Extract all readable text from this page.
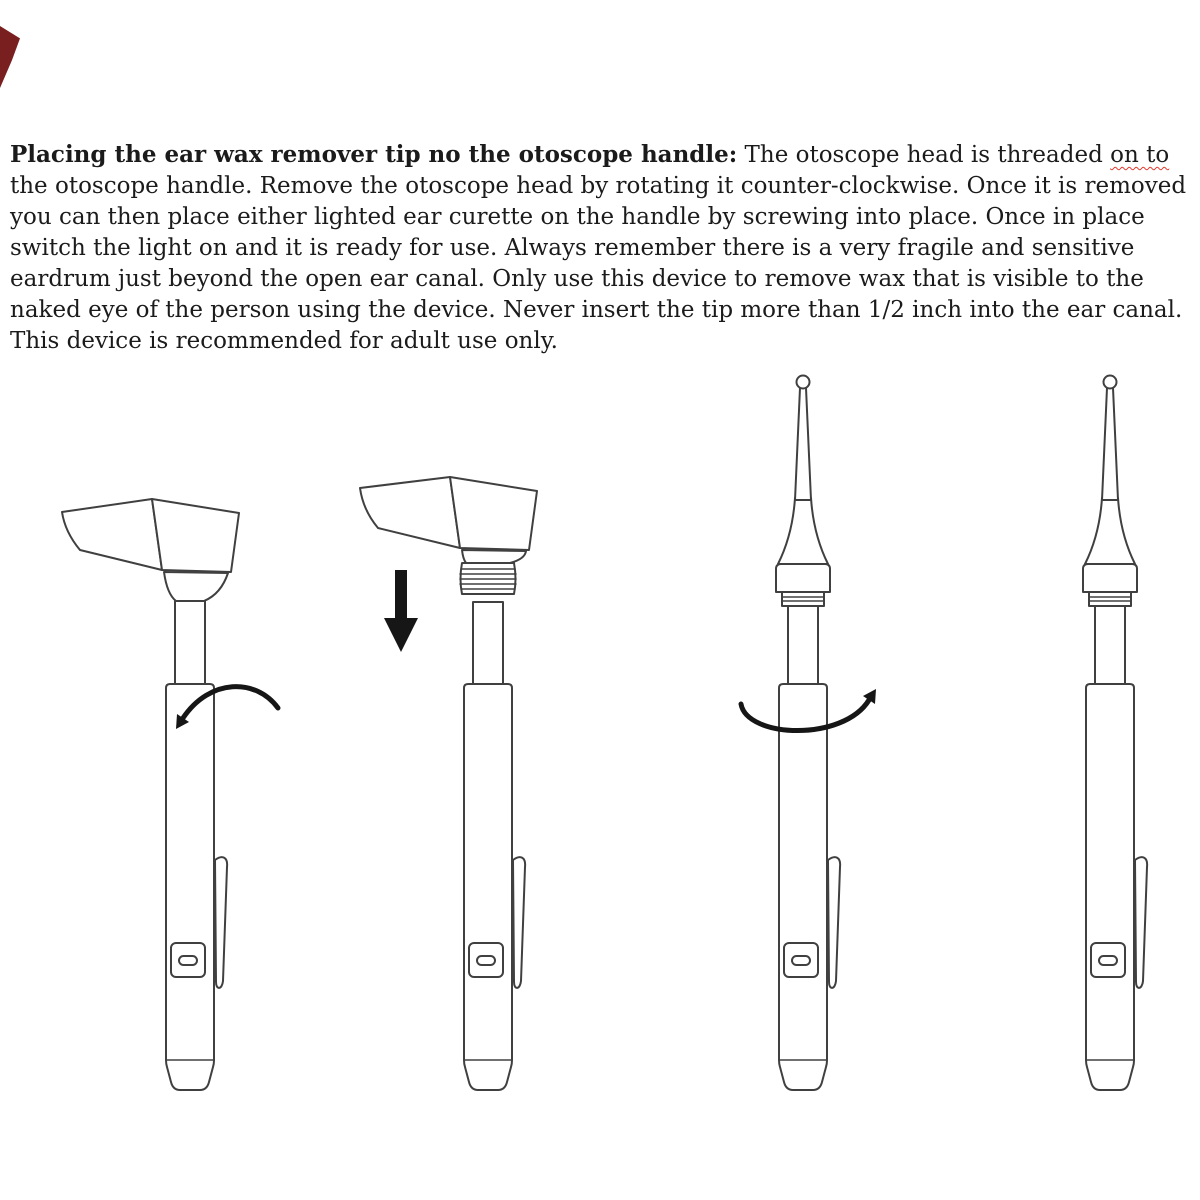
Placing the ear wax remover tip no the otoscope handle: The otoscope head is threaded on to the otoscope handle. Remove the otoscope head by rotating it counter-clockwise. Once it is removed you can then place either lighted ear curette on the handle by screwing into place. Once in place switch the light on and it is ready for use. Always remember there is a very fragile and sensitive eardrum just beyond the open ear canal. Only use this device to remove wax that is visible to the naked eye of the person using the device. Never insert the tip more than 1/2 inch into the ear canal. This device is recommended for adult use only.
